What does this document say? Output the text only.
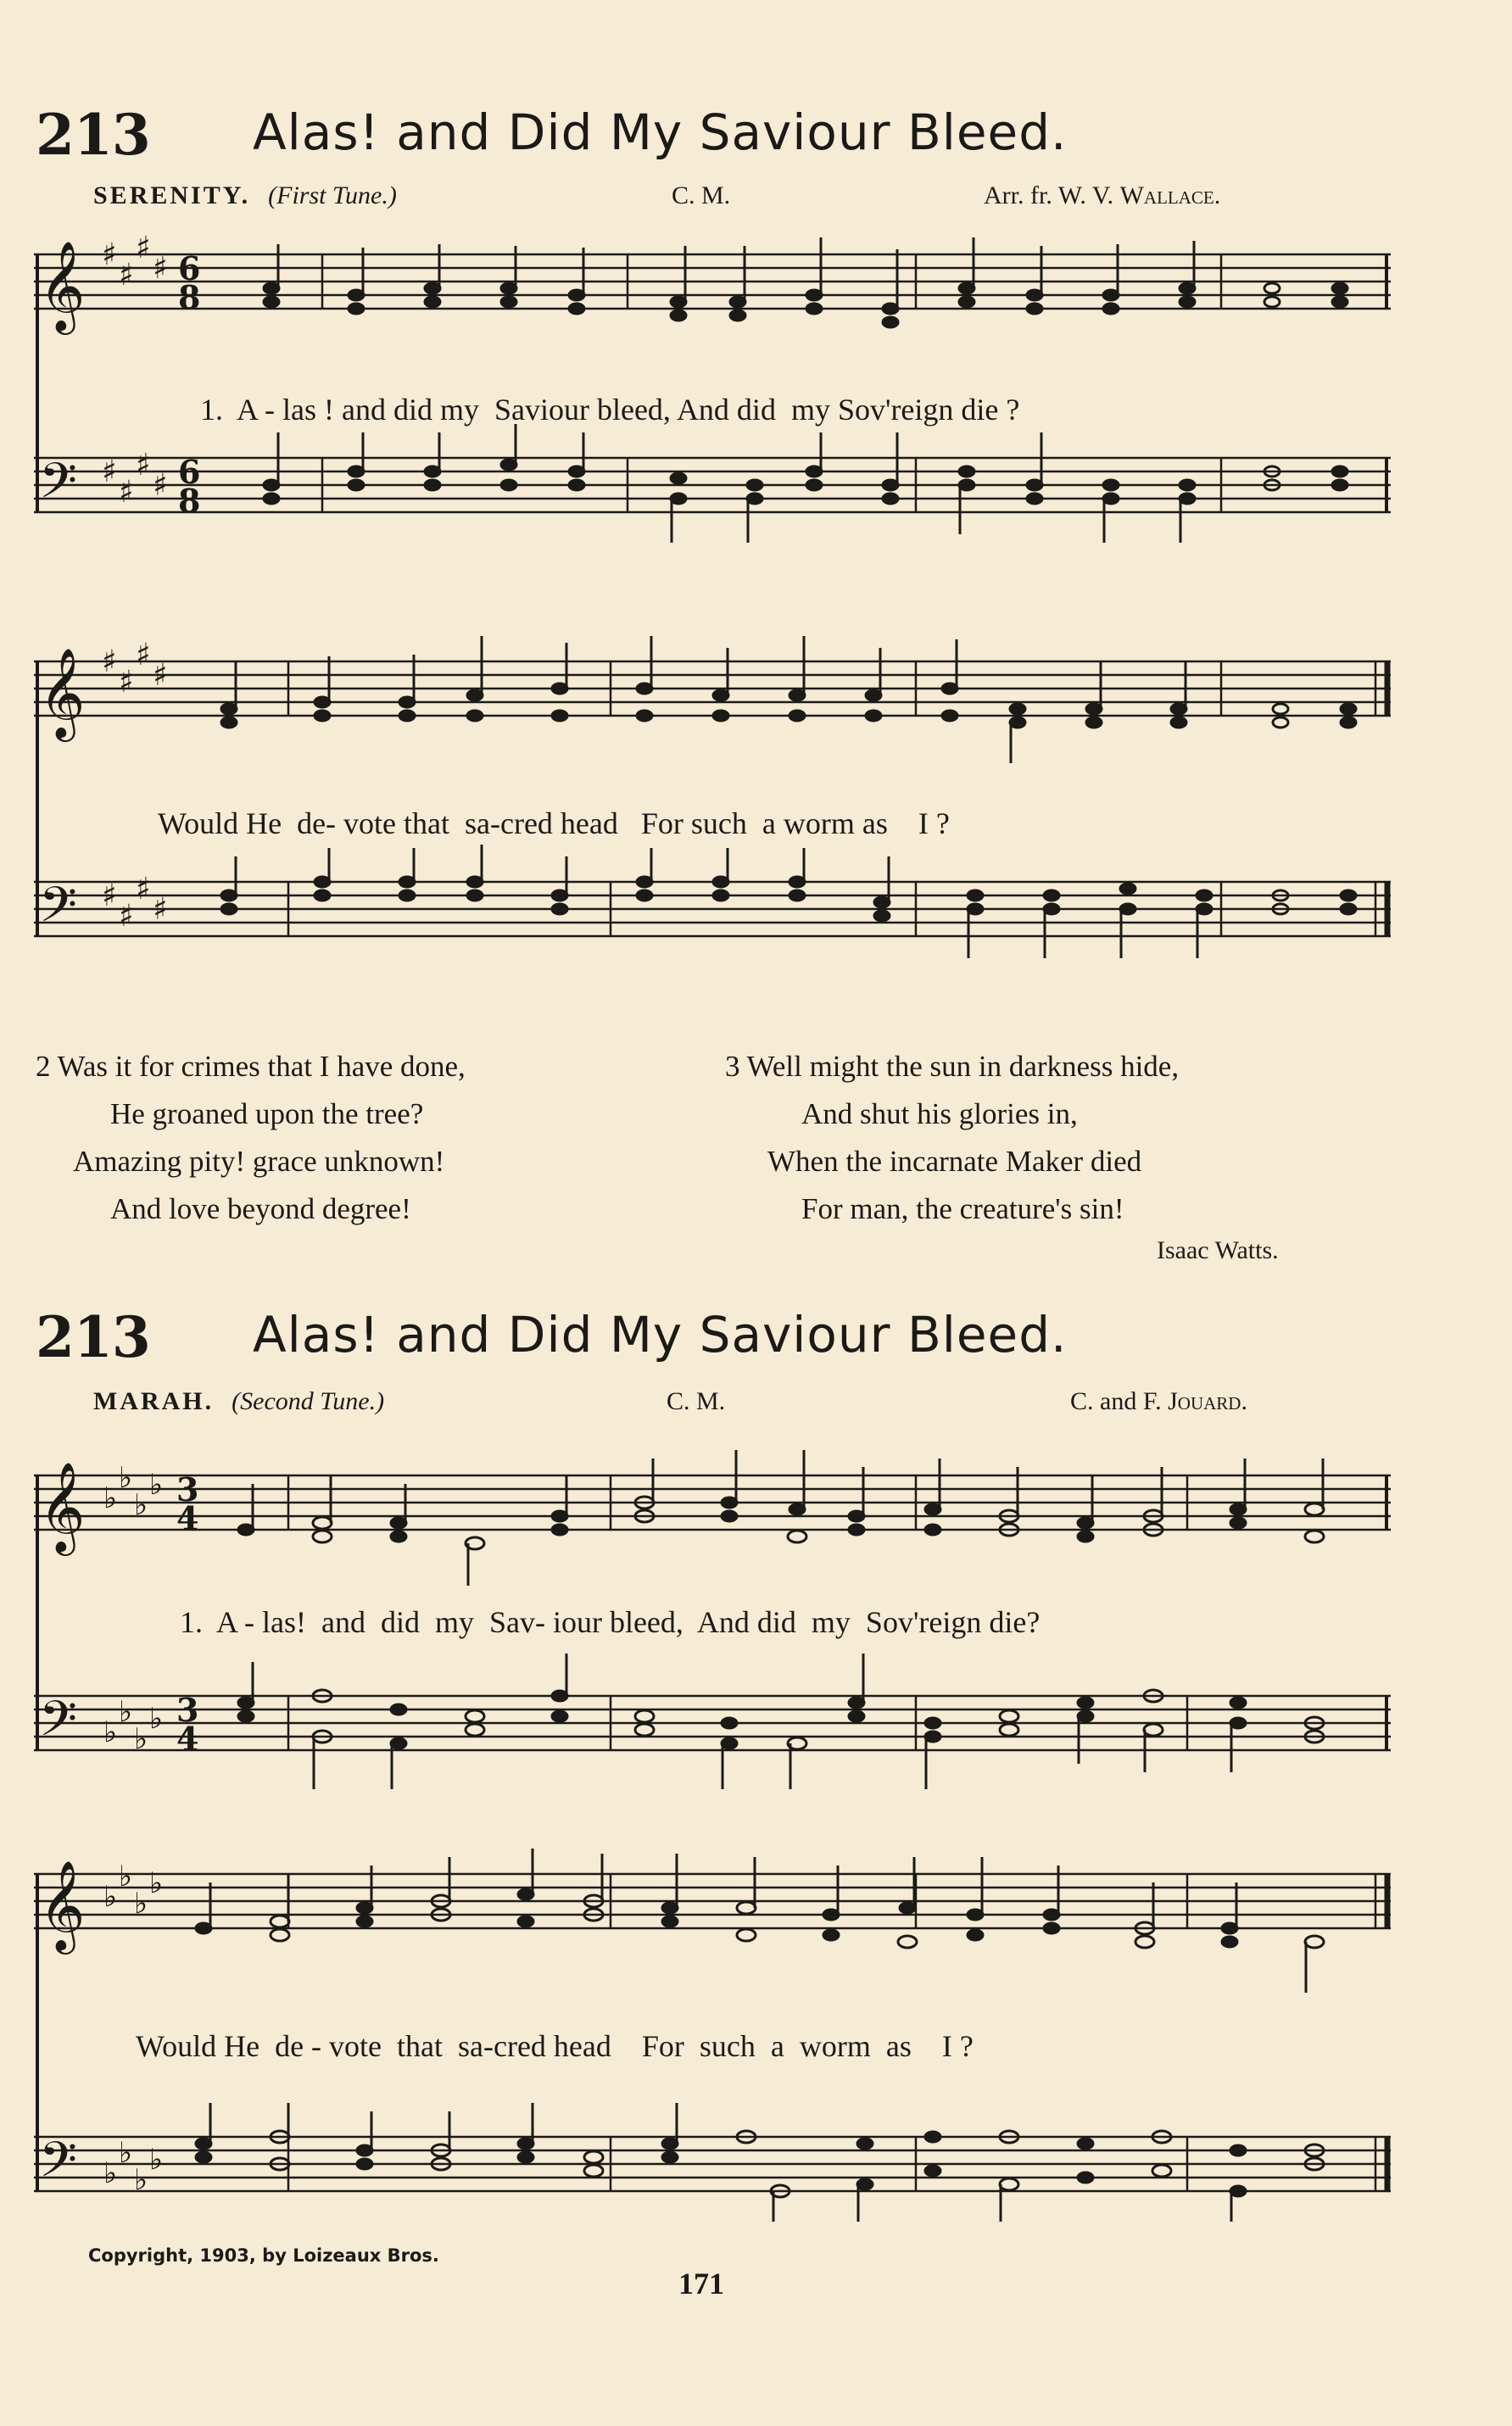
213 Alas! and Did My Saviour Bleed.
SERENITY. (First Tune.)	C. M.	Arr. fr. W. V. Wallace.
𝄞
𝄢
♯
♯
♯
♯
♯
♯
♯
♯
6
8
6
8
1.  A - las ! and did my  Saviour bleed, And did  my Sov'reign die ?
𝄞
𝄢
♯
♯
♯
♯
♯
♯
♯
♯
Would He  de- vote that  sa-cred head   For such  a worm as    I ?
2 Was it for crimes that I have done,
He groaned upon the tree?
Amazing pity! grace unknown!
And love beyond degree!
3 Well might the sun in darkness hide,
And shut his glories in,
When the incarnate Maker died
For man, the creature's sin!
Isaac Watts.
213 Alas! and Did My Saviour Bleed.
MARAH. (Second Tune.)	C. M.	C. and F. Jouard.
𝄞
𝄢
♭
♭
♭
♭
♭
♭
♭
♭
3
4
3
4
1.  A - las!  and  did  my  Sav- iour bleed,  And did  my  Sov'reign die?
𝄞
𝄢
♭
♭
♭
♭
♭
♭
♭
♭
Would He  de - vote  that  sa-cred head    For  such  a  worm  as    I ?
Copyright, 1903, by Loizeaux Bros.
171
